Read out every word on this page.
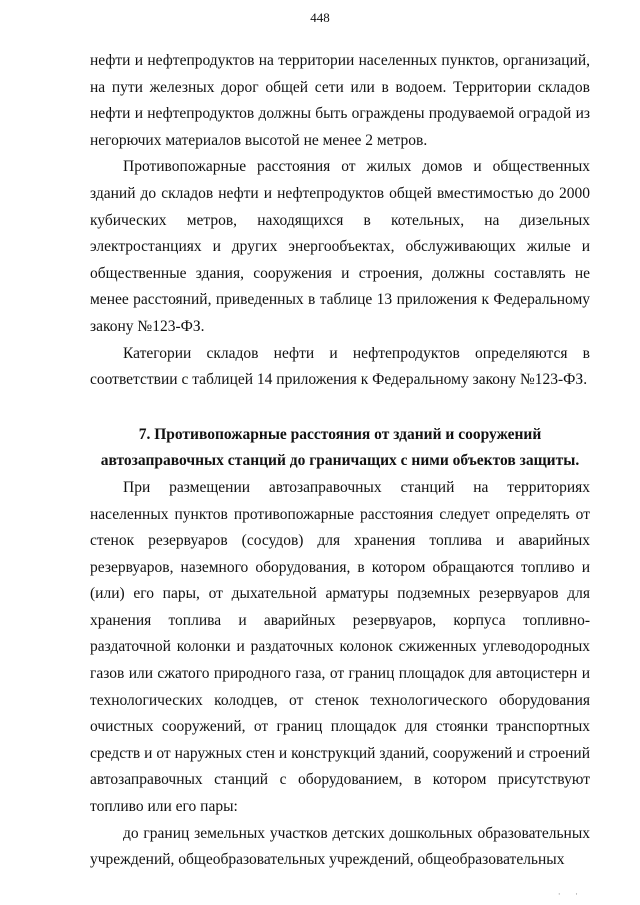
448

нефти и нефтепродуктов на территории населенных пунктов, организаций, на пути железных дорог общей сети или в водоем. Территории складов нефти и нефтепродуктов должны быть ограждены продуваемой оградой из негорючих материалов высотой не менее 2 метров.

Противопожарные расстояния от жилых домов и общественных зданий до складов нефти и нефтепродуктов общей вместимостью до 2000 кубических метров, находящихся в котельных, на дизельных электростанциях и других энергообъектах, обслуживающих жилые и общественные здания, сооружения и строения, должны составлять не менее расстояний, приведенных в таблице 13 приложения к Федеральному закону №123-ФЗ.

Категории складов нефти и нефтепродуктов определяются в соответствии с таблицей 14 приложения к Федеральному закону №123-ФЗ.

7. Противопожарные расстояния от зданий и сооружений
автозаправочных станций до граничащих с ними объектов защиты.

При размещении автозаправочных станций на территориях населенных пунктов противопожарные расстояния следует определять от стенок резервуаров (сосудов) для хранения топлива и аварийных резервуаров, наземного оборудования, в котором обращаются топливо и (или) его пары, от дыхательной арматуры подземных резервуаров для хранения топлива и аварийных резервуаров, корпуса топливно-раздаточной колонки и раздаточных колонок сжиженных углеводородных газов или сжатого природного газа, от границ площадок для автоцистерн и технологических колодцев, от стенок технологического оборудования очистных сооружений, от границ площадок для стоянки транспортных средств и от наружных стен и конструкций зданий, сооружений и строений автозаправочных станций с оборудованием, в котором присутствуют топливо или его пары:

до границ земельных участков детских дошкольных образовательных учреждений, общеобразовательных учреждений, общеобразовательных

· ·
